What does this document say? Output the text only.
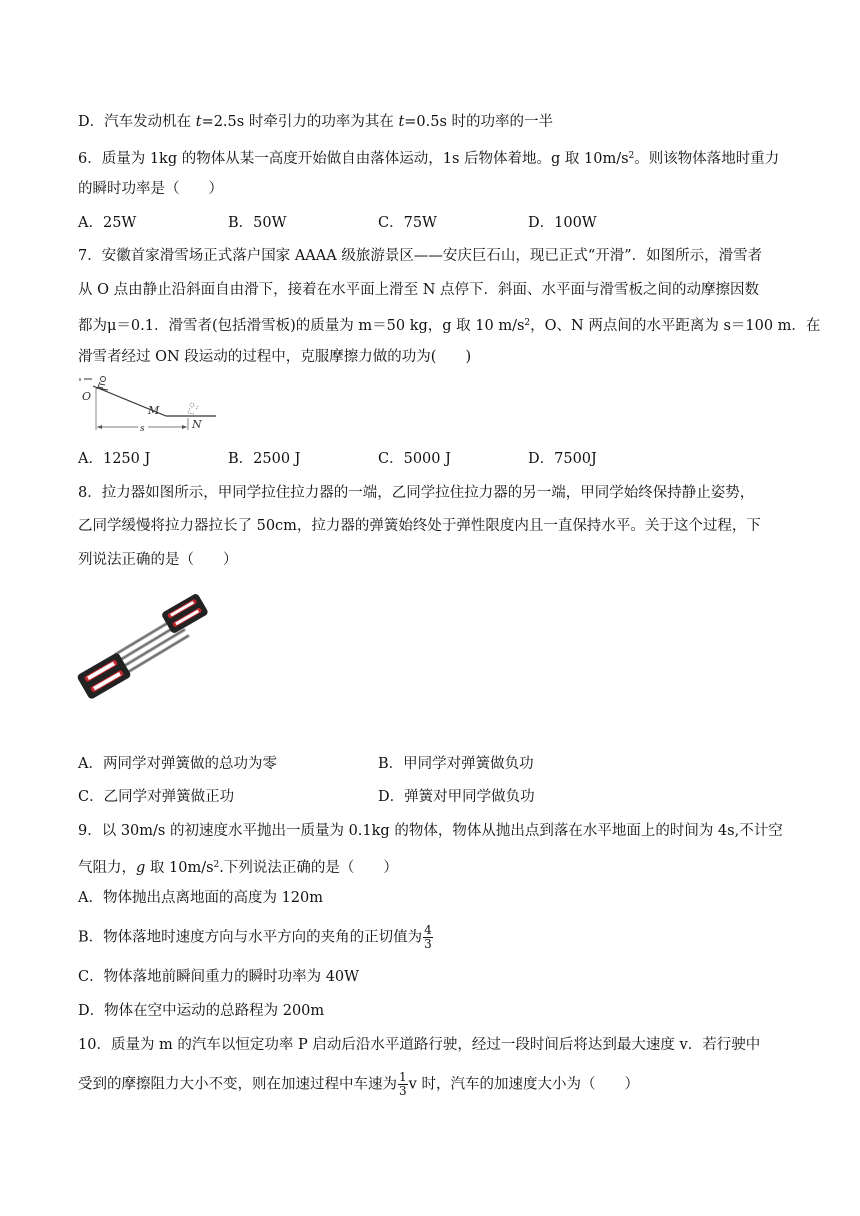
D．汽车发动机在 t=2.5s 时牵引力的功率为其在 t=0.5s 时的功率的一半
6．质量为 1kg 的物体从某一高度开始做自由落体运动，1s 后物体着地。g 取 $10m/s^2$。则该物体落地时重力
的瞬时功率是（　　）
A．25W	B．50W	C．75W	D．100W
7．安徽首家滑雪场正式落户国家 AAAA 级旅游景区——安庆巨石山，现已正式“开滑”．如图所示，滑雪者
从 O 点由静止沿斜面自由滑下，接着在水平面上滑至 N 点停下．斜面、水平面与滑雪板之间的动摩擦因数
都为μ＝0.1．滑雪者(包括滑雪板)的质量为 m＝50 kg，g 取 10 $m/s^2$，O、N 两点间的水平距离为 s＝100 m．在
滑雪者经过 ON 段运动的过程中，克服摩擦力做的功为(　　)
s
O
M
N
A．1250 J	B．2500 J	C．5000 J	D．7500J
8．拉力器如图所示，甲同学拉住拉力器的一端，乙同学拉住拉力器的另一端，甲同学始终保持静止姿势，
乙同学缓慢将拉力器拉长了 50cm，拉力器的弹簧始终处于弹性限度内且一直保持水平。关于这个过程，下
列说法正确的是（　　）
A．两同学对弹簧做的总功为零	B．甲同学对弹簧做负功
C．乙同学对弹簧做正功	D．弹簧对甲同学做负功
9．以 30m/s 的初速度水平抛出一质量为 0.1kg 的物体，物体从抛出点到落在水平地面上的时间为 4s,不计空
气阻力，g 取 $10m/s^2$.下列说法正确的是（　　）
A．物体抛出点离地面的高度为 120m
B．物体落地时速度方向与水平方向的夹角的正切值为 $\frac{4}{3}$
C．物体落地前瞬间重力的瞬时功率为 40W
D．物体在空中运动的总路程为 200m
10．质量为 m 的汽车以恒定功率 P 启动后沿水平道路行驶，经过一段时间后将达到最大速度 v．若行驶中
受到的摩擦阻力大小不变，则在加速过程中车速为 $\frac{1}{3}$ v 时，汽车的加速度大小为（　　）
